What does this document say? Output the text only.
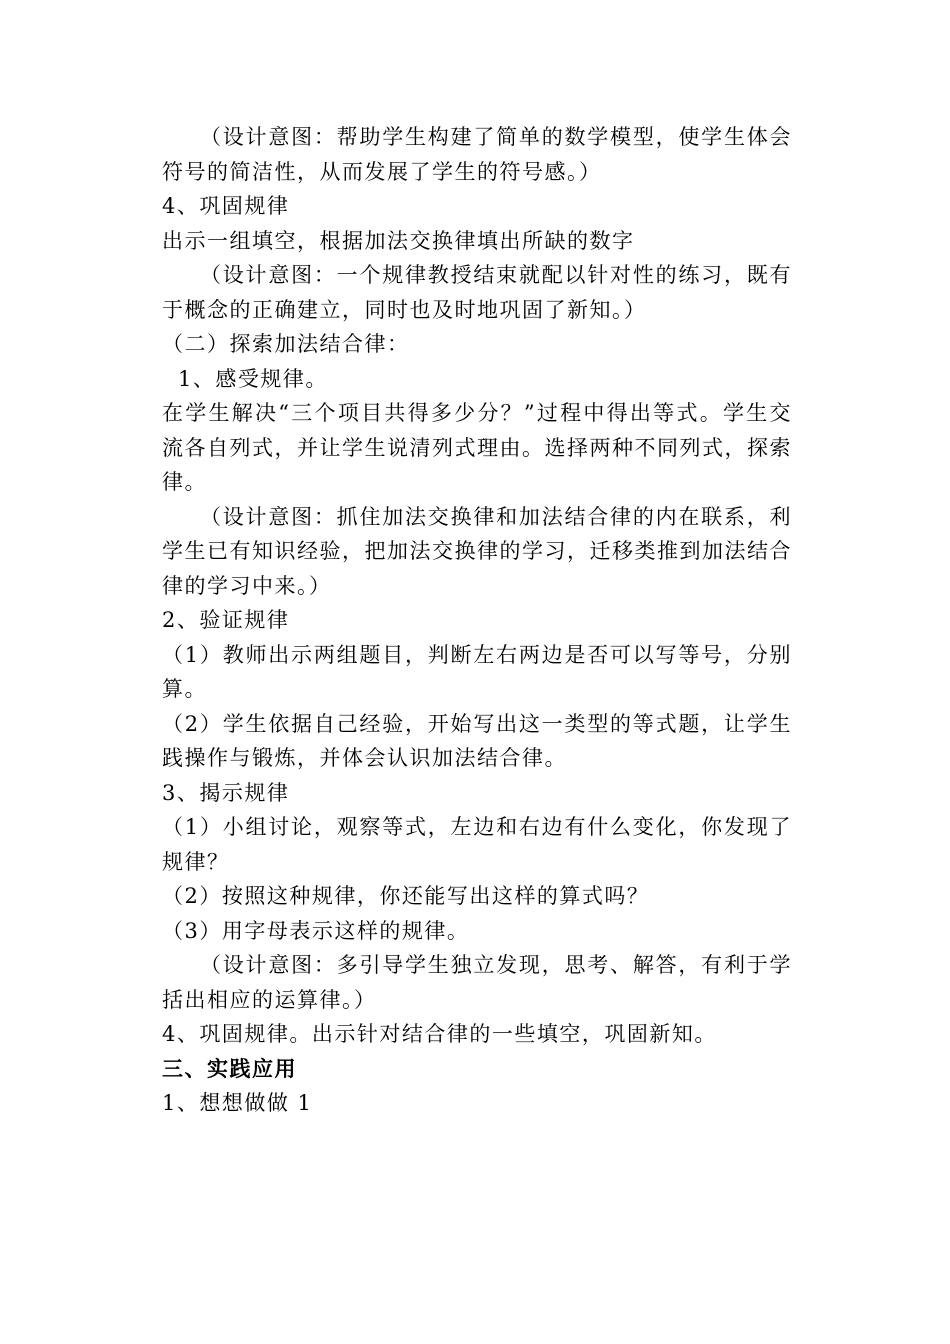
（设计意图：帮助学生构建了简单的数学模型，使学生体会
符号的简洁性，从而发展了学生的符号感。）
4、巩固规律
出示一组填空，根据加法交换律填出所缺的数字
（设计意图：一个规律教授结束就配以针对性的练习，既有
于概念的正确建立，同时也及时地巩固了新知。）
（二）探索加法结合律：
1、感受规律。
在学生解决“三个项目共得多少分？”过程中得出等式。学生交
流各自列式，并让学生说清列式理由。选择两种不同列式，探索
律。
（设计意图：抓住加法交换律和加法结合律的内在联系，利
学生已有知识经验，把加法交换律的学习，迁移类推到加法结合
律的学习中来。）
2、验证规律
（1）教师出示两组题目，判断左右两边是否可以写等号，分别
算。
（2）学生依据自己经验，开始写出这一类型的等式题，让学生
践操作与锻炼，并体会认识加法结合律。
3、揭示规律
（1）小组讨论，观察等式，左边和右边有什么变化，你发现了
规律？
（2）按照这种规律，你还能写出这样的算式吗？
（3）用字母表示这样的规律。
（设计意图：多引导学生独立发现，思考、解答，有利于学
括出相应的运算律。）
4、巩固规律。出示针对结合律的一些填空，巩固新知。
三、实践应用
1、想想做做 1
